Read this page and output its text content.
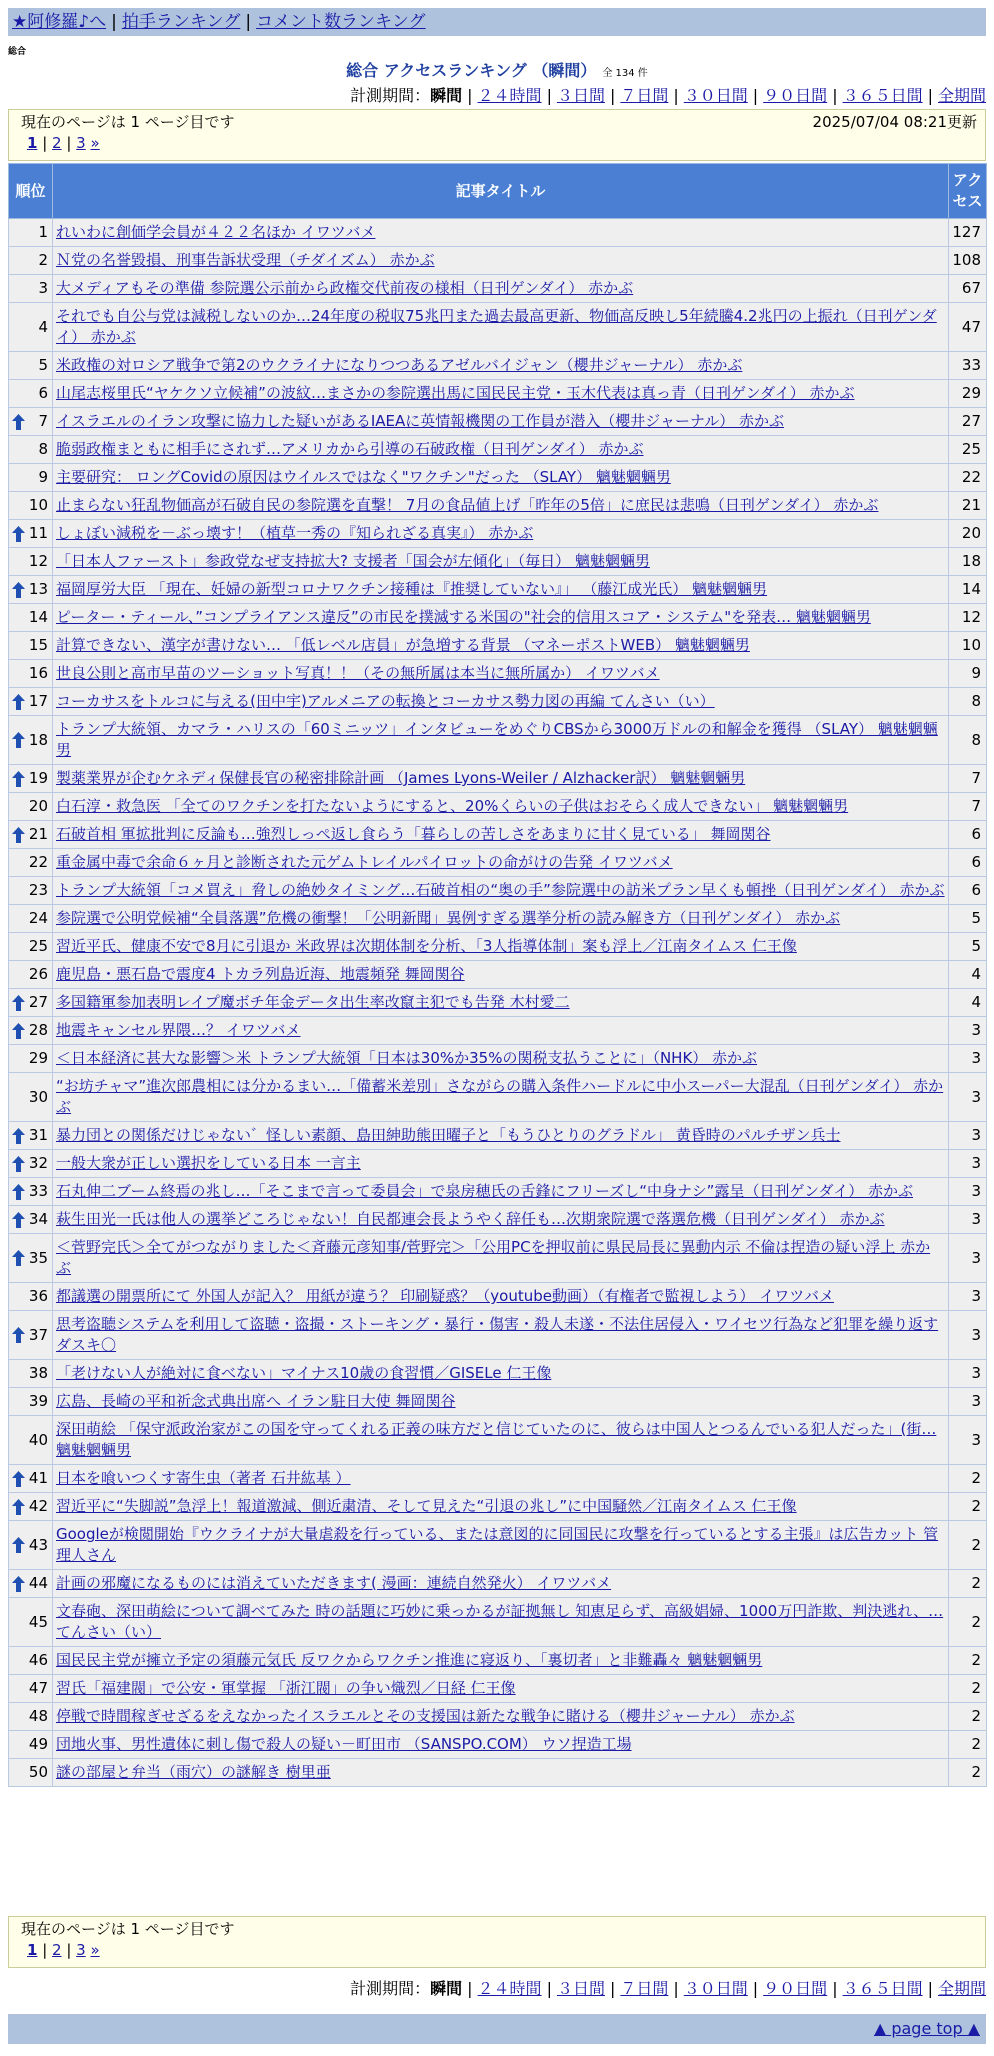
★阿修羅♪へ | 拍手ランキング | コメント数ランキング
総合
総合 アクセスランキング （瞬間） 全 134 件
計測期間：瞬間 | ２４時間 | ３日間 | ７日間 | ３０日間 | ９０日間 | ３６５日間 | 全期間
現在のページは 1 ページ目です	2025/07/04 08:21更新
1 | 2 | 3 »
順位	記事タイトル	アクセス
1	れいわに創価学会員が４２２名ほか イワツバメ	127
2	Ｎ党の名誉毀損、刑事告訴状受理（チダイズム） 赤かぶ	108
3	大メディアもその準備 参院選公示前から政権交代前夜の様相（日刊ゲンダイ） 赤かぶ	67
4	それでも自公与党は減税しないのか…24年度の税収75兆円また過去最高更新、物価高反映し5年続騰4.2兆円の上振れ（日刊ゲンダイ） 赤かぶ	47
5	米政権の対ロシア戦争で第2のウクライナになりつつあるアゼルバイジャン（櫻井ジャーナル） 赤かぶ	33
6	山尾志桜里氏“ヤケクソ立候補”の波紋…まさかの参院選出馬に国民民主党・玉木代表は真っ青（日刊ゲンダイ） 赤かぶ	29

7	イスラエルのイラン攻撃に協力した疑いがあるIAEAに英情報機関の工作員が潜入（櫻井ジャーナル） 赤かぶ	27
8	脆弱政権まともに相手にされず…アメリカから引導の石破政権（日刊ゲンダイ） 赤かぶ	25
9	主要研究： ロングCovidの原因はウイルスではなく"ワクチン"だった （SLAY） 魑魅魍魎男	22
10	止まらない狂乱物価高が石破自民の参院選を直撃！ 7月の食品値上げ「昨年の5倍」に庶民は悲鳴（日刊ゲンダイ） 赤かぶ	21

11	しょぼい減税を－ぶっ壊す！（植草一秀の『知られざる真実』） 赤かぶ	20
12	「日本人ファースト」参政党なぜ支持拡大? 支援者「国会が左傾化」（毎日） 魑魅魍魎男	18

13	福岡厚労大臣 「現在、妊婦の新型コロナワクチン接種は『推奨していない』」 （藤江成光氏） 魑魅魍魎男	14
14	ピーター・ティール、”コンプライアンス違反”の市民を撲滅する米国の"社会的信用スコア・システム"を発表… 魑魅魍魎男	12
15	計算できない、漢字が書けない… 「低レベル店員」が急増する背景 （マネーポストWEB） 魑魅魍魎男	10
16	世良公則と高市早苗のツーショット写真！！（その無所属は本当に無所属か） イワツバメ	9

17	コーカサスをトルコに与える(田中宇)アルメニアの転換とコーカサス勢力図の再編 てんさい（い）	8

18	トランプ大統領、カマラ・ハリスの「60ミニッツ」インタビューをめぐりCBSから3000万ドルの和解金を獲得 （SLAY） 魑魅魍魎男	8

19	製薬業界が企むケネディ保健長官の秘密排除計画 （James Lyons-Weiler / Alzhacker訳） 魑魅魍魎男	7
20	白石淳・救急医 「全てのワクチンを打たないようにすると、20%くらいの子供はおそらく成人できない」 魑魅魍魎男	7

21	石破首相 軍拡批判に反論も…強烈しっぺ返し食らう「暮らしの苦しさをあまりに甘く見ている」 舞岡関谷	6
22	重金属中毒で余命６ヶ月と診断された元ゲムトレイルパイロットの命がけの告発 イワツバメ	6
23	トランプ大統領「コメ買え」脅しの絶妙タイミング…石破首相の“奥の手”参院選中の訪米プラン早くも頓挫（日刊ゲンダイ） 赤かぶ	6
24	参院選で公明党候補“全員落選”危機の衝撃！「公明新聞」異例すぎる選挙分析の読み解き方（日刊ゲンダイ） 赤かぶ	5
25	習近平氏、健康不安で8月に引退か 米政界は次期体制を分析、「3人指導体制」案も浮上／江南タイムス 仁王像	5
26	鹿児島・悪石島で震度4 トカラ列島近海、地震頻発 舞岡関谷	4

27	多国籍軍参加表明レイプ魔ボチ年金データ出生率改竄主犯でも告発 木村愛二	4

28	地震キャンセル界隈…？ イワツバメ	3
29	＜日本経済に甚大な影響＞米 トランプ大統領「日本は30%か35%の関税支払うことに」（NHK） 赤かぶ	3
30	“お坊チャマ”進次郎農相には分かるまい…「備蓄米差別」さながらの購入条件ハードルに中小スーパー大混乱（日刊ゲンダイ） 赤かぶ	3

31	暴力団との関係だけじゃない゛怪しい素顔、島田紳助熊田曜子と「もうひとりのグラドル」 黄昏時のパルチザン兵士	3

32	一般大衆が正しい選択をしている日本 一言主	3

33	石丸伸二ブーム終焉の兆し…「そこまで言って委員会」で泉房穂氏の舌鋒にフリーズし“中身ナシ”露呈（日刊ゲンダイ） 赤かぶ	3

34	萩生田光一氏は他人の選挙どころじゃない！自民都連会長ようやく辞任も…次期衆院選で落選危機（日刊ゲンダイ） 赤かぶ	3

35	＜菅野完氏＞全てがつながりました＜斉藤元彦知事/菅野完＞「公用PCを押収前に県民局長に異動内示 不倫は捏造の疑い浮上 赤かぶ	3
36	都議選の開票所にて 外国人が記入？ 用紙が違う？ 印刷疑惑？（youtube動画）（有権者で監視しよう） イワツバメ	3

37	思考盗聴システムを利用して盗聴・盗撮・ストーキング・暴行・傷害・殺人未遂・不法住居侵入・ワイセツ行為など犯罪を繰り返すダスキ〇	3
38	「老けない人が絶対に食べない」マイナス10歳の食習慣／GISELe 仁王像	3
39	広島、長崎の平和祈念式典出席へ イラン駐日大使 舞岡関谷	3
40	深田萌絵 「保守派政治家がこの国を守ってくれる正義の味方だと信じていたのに、彼らは中国人とつるんでいる犯人だった」(街… 魑魅魍魎男	3

41	日本を喰いつくす寄生虫（著者 石井紘基 ）	2

42	習近平に“失脚説”急浮上！報道激減、側近粛清、そして見えた“引退の兆し”に中国騒然／江南タイムス 仁王像	2

43	Googleが検閲開始『ウクライナが大量虐殺を行っている、または意図的に同国民に攻撃を行っているとする主張』は広告カット 管理人さん	2

44	計画の邪魔になるものには消えていただきます( 漫画：連続自然発火） イワツバメ	2
45	文春砲、深田萌絵について調べてみた 時の話題に巧妙に乗っかるが証拠無し 知恵足らず、高級娼婦、1000万円詐欺、判決逃れ、… てんさい（い）	2
46	国民民主党が擁立予定の須藤元気氏 反ワクからワクチン推進に寝返り、「裏切者」と非難轟々 魑魅魍魎男	2
47	習氏「福建閥」で公安・軍掌握 「浙江閥」の争い熾烈／日経 仁王像	2
48	停戦で時間稼ぎせざるをえなかったイスラエルとその支援国は新たな戦争に賭ける（櫻井ジャーナル） 赤かぶ	2
49	団地火事、男性遺体に刺し傷で殺人の疑い－町田市 （SANSPO.COM） ウソ捏造工場	2
50	謎の部屋と弁当（雨穴）の謎解き 樹里亜	2
現在のページは 1 ページ目です
1 | 2 | 3 »
計測期間：瞬間 | ２４時間 | ３日間 | ７日間 | ３０日間 | ９０日間 | ３６５日間 | 全期間
▲ page top ▲
